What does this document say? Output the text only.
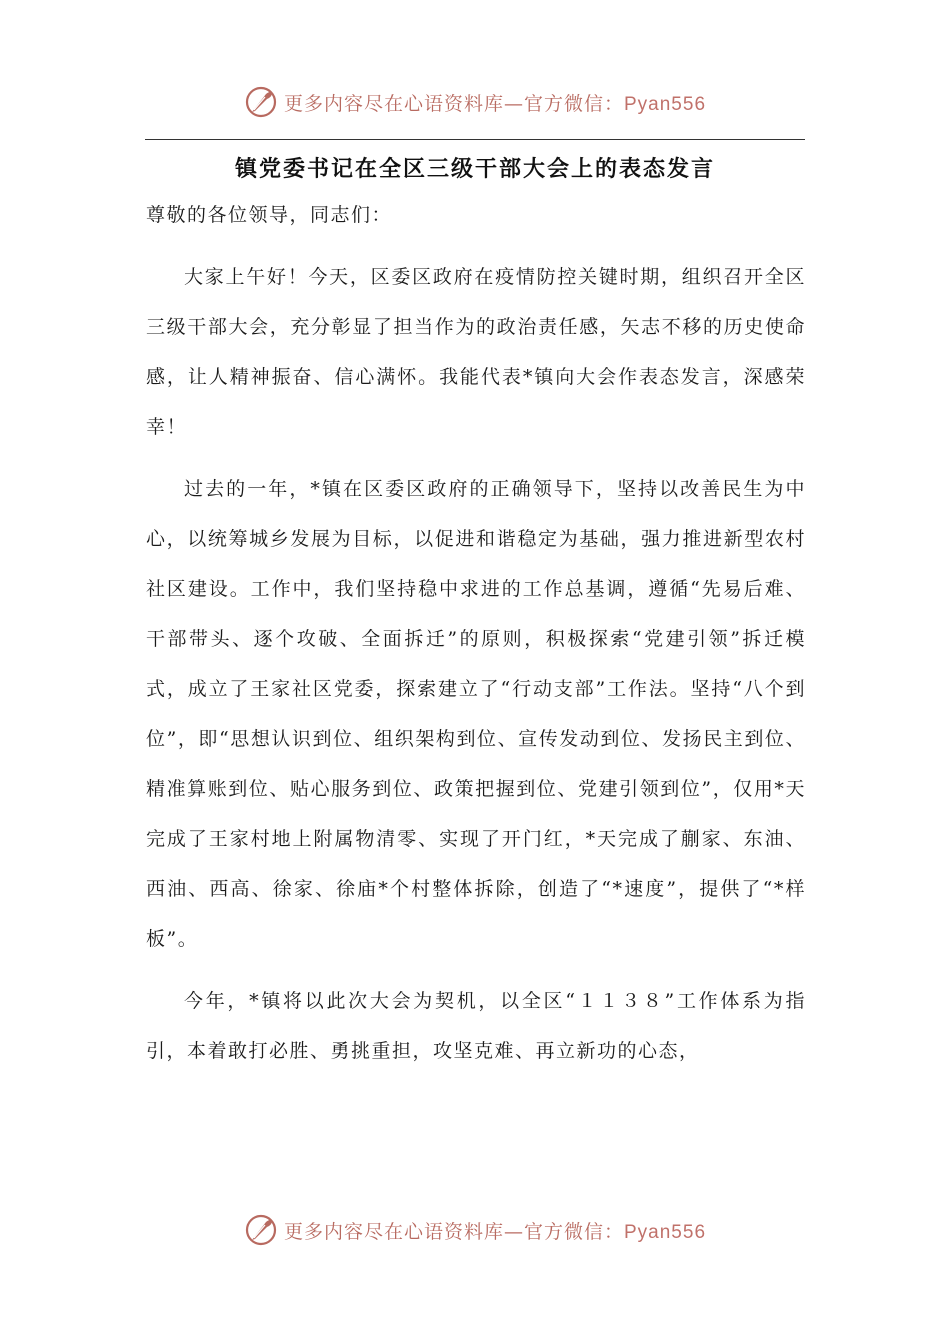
更多内容尽在心语资料库—官方微信：Pyan556
镇党委书记在全区三级干部大会上的表态发言

尊敬的各位领导，同志们：

大家上午好！今天，区委区政府在疫情防控关键时期，组织召开全区三级干部大会，充分彰显了担当作为的政治责任感，矢志不移的历史使命感，让人精神振奋、信心满怀。我能代表*镇向大会作表态发言，深感荣幸！

过去的一年，*镇在区委区政府的正确领导下，坚持以改善民生为中心，以统筹城乡发展为目标，以促进和谐稳定为基础，强力推进新型农村社区建设。工作中，我们坚持稳中求进的工作总基调，遵循“先易后难、干部带头、逐个攻破、全面拆迁”的原则，积极探索“党建引领”拆迁模式，成立了王家社区党委，探索建立了“行动支部”工作法。坚持“八个到位”，即“思想认识到位、组织架构到位、宣传发动到位、发扬民主到位、精准算账到位、贴心服务到位、政策把握到位、党建引领到位”，仅用*天完成了王家村地上附属物清零、实现了开门红，*天完成了蒯家、东油、西油、西高、徐家、徐庙*个村整体拆除，创造了“*速度”，提供了“*样板”。

今年，*镇将以此次大会为契机，以全区“１１３８”工作体系为指引，本着敢打必胜、勇挑重担，攻坚克难、再立新功的心态，

更多内容尽在心语资料库—官方微信：Pyan556
